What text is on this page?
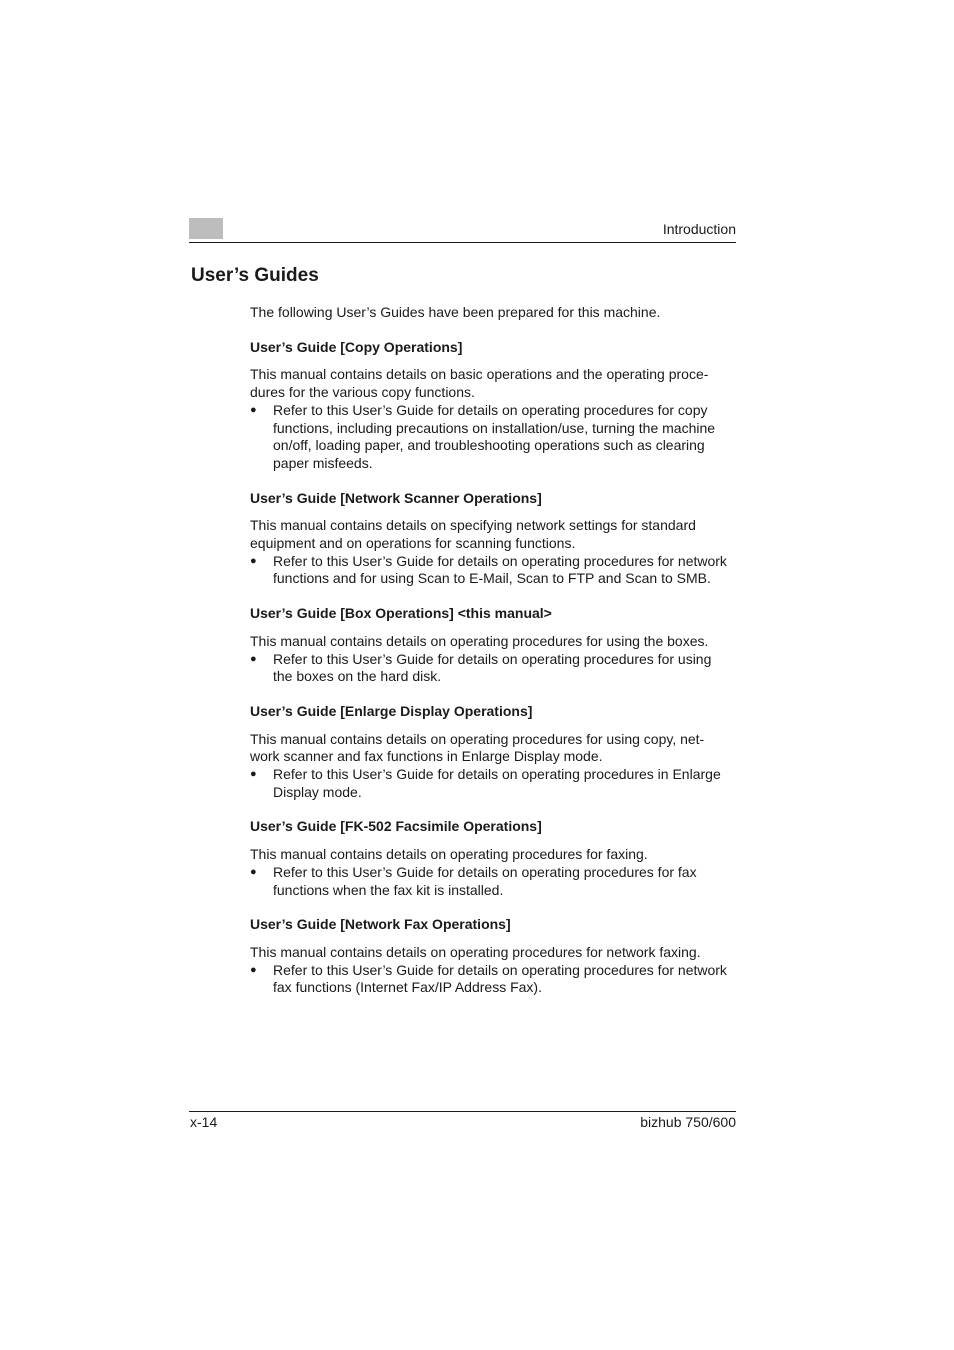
Introduction
User’s Guides

The following User’s Guides have been prepared for this machine.

User’s Guide [Copy Operations]
This manual contains details on basic operations and the operating proce-
dures for the various copy functions.
● Refer to this User’s Guide for details on operating procedures for copy
functions, including precautions on installation/use, turning the machine
on/off, loading paper, and troubleshooting operations such as clearing
paper misfeeds.
User’s Guide [Network Scanner Operations]
This manual contains details on specifying network settings for standard
equipment and on operations for scanning functions.
● Refer to this User’s Guide for details on operating procedures for network
functions and for using Scan to E-Mail, Scan to FTP and Scan to SMB.
User’s Guide [Box Operations] <this manual>
This manual contains details on operating procedures for using the boxes.
● Refer to this User’s Guide for details on operating procedures for using
the boxes on the hard disk.
User’s Guide [Enlarge Display Operations]
This manual contains details on operating procedures for using copy, net-
work scanner and fax functions in Enlarge Display mode.
● Refer to this User’s Guide for details on operating procedures in Enlarge
Display mode.
User’s Guide [FK-502 Facsimile Operations]
This manual contains details on operating procedures for faxing.
● Refer to this User’s Guide for details on operating procedures for fax
functions when the fax kit is installed.
User’s Guide [Network Fax Operations]
This manual contains details on operating procedures for network faxing.
● Refer to this User’s Guide for details on operating procedures for network
fax functions (Internet Fax/IP Address Fax).
x-14	bizhub 750/600
